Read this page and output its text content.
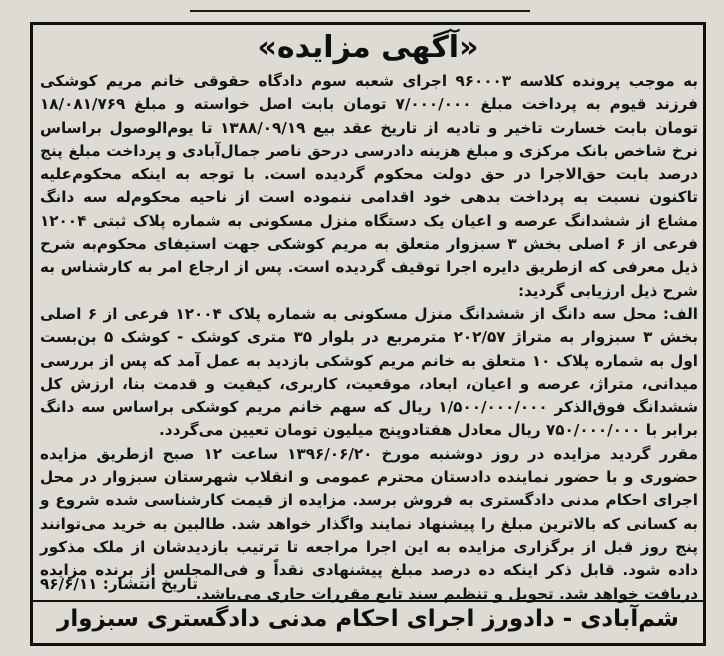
«آگهی مزایده»

به موجب پرونده کلاسه ۹۶۰۰۰۳ اجرای شعبه سوم دادگاه حقوقی خانم مریم کوشکی فرزند قیوم به پرداخت مبلغ ۷/۰۰۰/۰۰۰ تومان بابت اصل خواسته و مبلغ ۱۸/۰۸۱/۷۶۹ تومان بابت خسارت تاخیر و تادیه از تاریخ عقد بیع ۱۳۸۸/۰۹/۱۹ تا یوم‌الوصول براساس نرخ شاخص بانک مرکزی و مبلغ هزینه دادرسی درحق ناصر جمال‌آبادی و پرداخت مبلغ پنج درصد بابت حق‌الاجرا در حق دولت محکوم گردیده است. با توجه به اینکه محکوم‌علیه تاکنون نسبت به پرداخت بدهی خود اقدامی ننموده است از ناحیه محکوم‌له سه دانگ مشاع از ششدانگ عرصه و اعیان یک دستگاه منزل مسکونی به شماره پلاک ثبتی ۱۲۰۰۴ فرعی از ۶ اصلی بخش ۳ سبزوار متعلق به مریم کوشکی جهت استیفای محکوم‌به شرح ذیل معرفی که ازطریق دایره اجرا توقیف گردیده است. پس از ارجاع امر به کارشناس به شرح ذیل ارزیابی گردید:

الف: محل سه دانگ از ششدانگ منزل مسکونی به شماره پلاک ۱۲۰۰۴ فرعی از ۶ اصلی بخش ۳ سبزوار به متراژ ۲۰۲/۵۷ مترمربع در بلوار ۳۵ متری کوشک - کوشک ۵ بن‌بست اول به شماره پلاک ۱۰ متعلق به خانم مریم کوشکی بازدید به عمل آمد که پس از بررسی میدانی، متراژ، عرصه و اعیان، ابعاد، موقعیت، کاربری، کیفیت و قدمت بنا، ارزش کل ششدانگ فوق‌الذکر ۱/۵۰۰/۰۰۰/۰۰۰ ریال که سهم خانم مریم کوشکی براساس سه دانگ برابر با ۷۵۰/۰۰۰/۰۰۰ ریال معادل هفتادوپنج میلیون تومان تعیین می‌گردد.

مقرر گردید مزایده در روز دوشنبه مورخ ۱۳۹۶/۰۶/۲۰ ساعت ۱۲ صبح ازطریق مزایده حضوری و با حضور نماینده دادستان محترم عمومی و انقلاب شهرستان سبزوار در محل اجرای احکام مدنی دادگستری به فروش برسد. مزایده از قیمت کارشناسی شده شروع و به کسانی که بالاترین مبلغ را پیشنهاد نمایند واگذار خواهد شد. طالبین به خرید می‌توانند پنج روز قبل از برگزاری مزایده به این اجرا مراجعه تا ترتیب بازدیدشان از ملک مذکور داده شود. قابل ذکر اینکه ده درصد مبلغ پیشنهادی نقداً و فی‌المجلس از برنده مزایده دریافت خواهد شد. تحویل و تنظیم سند تابع مقررات جاری می‌باشد.

تاریخ انتشار: ۹۶/۶/۱۱
شم‌آبادی - دادورز اجرای احکام مدنی دادگستری سبزوار
